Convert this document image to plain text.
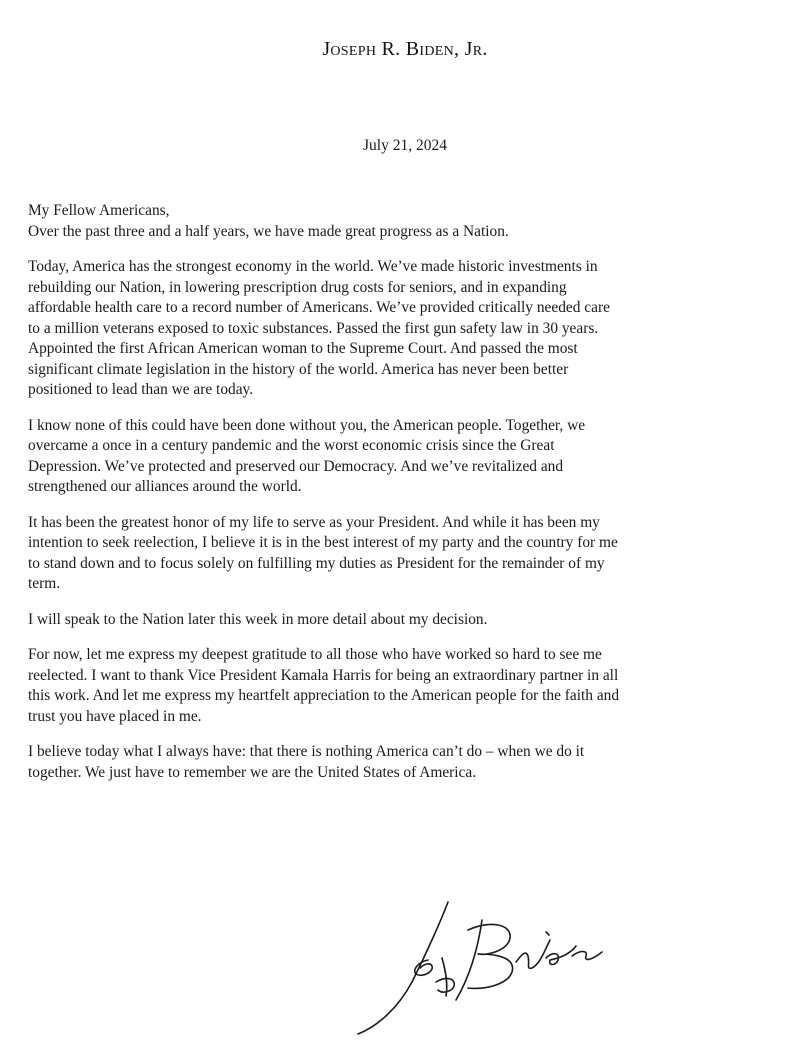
Joseph R. Biden, Jr.
July 21, 2024

My Fellow Americans,

Over the past three and a half years, we have made great progress as a Nation.

Today, America has the strongest economy in the world. We’ve made historic investments in
rebuilding our Nation, in lowering prescription drug costs for seniors, and in expanding
affordable health care to a record number of Americans. We’ve provided critically needed care
to a million veterans exposed to toxic substances. Passed the first gun safety law in 30 years.
Appointed the first African American woman to the Supreme Court. And passed the most
significant climate legislation in the history of the world. America has never been better
positioned to lead than we are today.

I know none of this could have been done without you, the American people. Together, we
overcame a once in a century pandemic and the worst economic crisis since the Great
Depression. We’ve protected and preserved our Democracy. And we’ve revitalized and
strengthened our alliances around the world.

It has been the greatest honor of my life to serve as your President. And while it has been my
intention to seek reelection, I believe it is in the best interest of my party and the country for me
to stand down and to focus solely on fulfilling my duties as President for the remainder of my
term.

I will speak to the Nation later this week in more detail about my decision.

For now, let me express my deepest gratitude to all those who have worked so hard to see me
reelected. I want to thank Vice President Kamala Harris for being an extraordinary partner in all
this work. And let me express my heartfelt appreciation to the American people for the faith and
trust you have placed in me.

I believe today what I always have: that there is nothing America can’t do – when we do it
together. We just have to remember we are the United States of America.
